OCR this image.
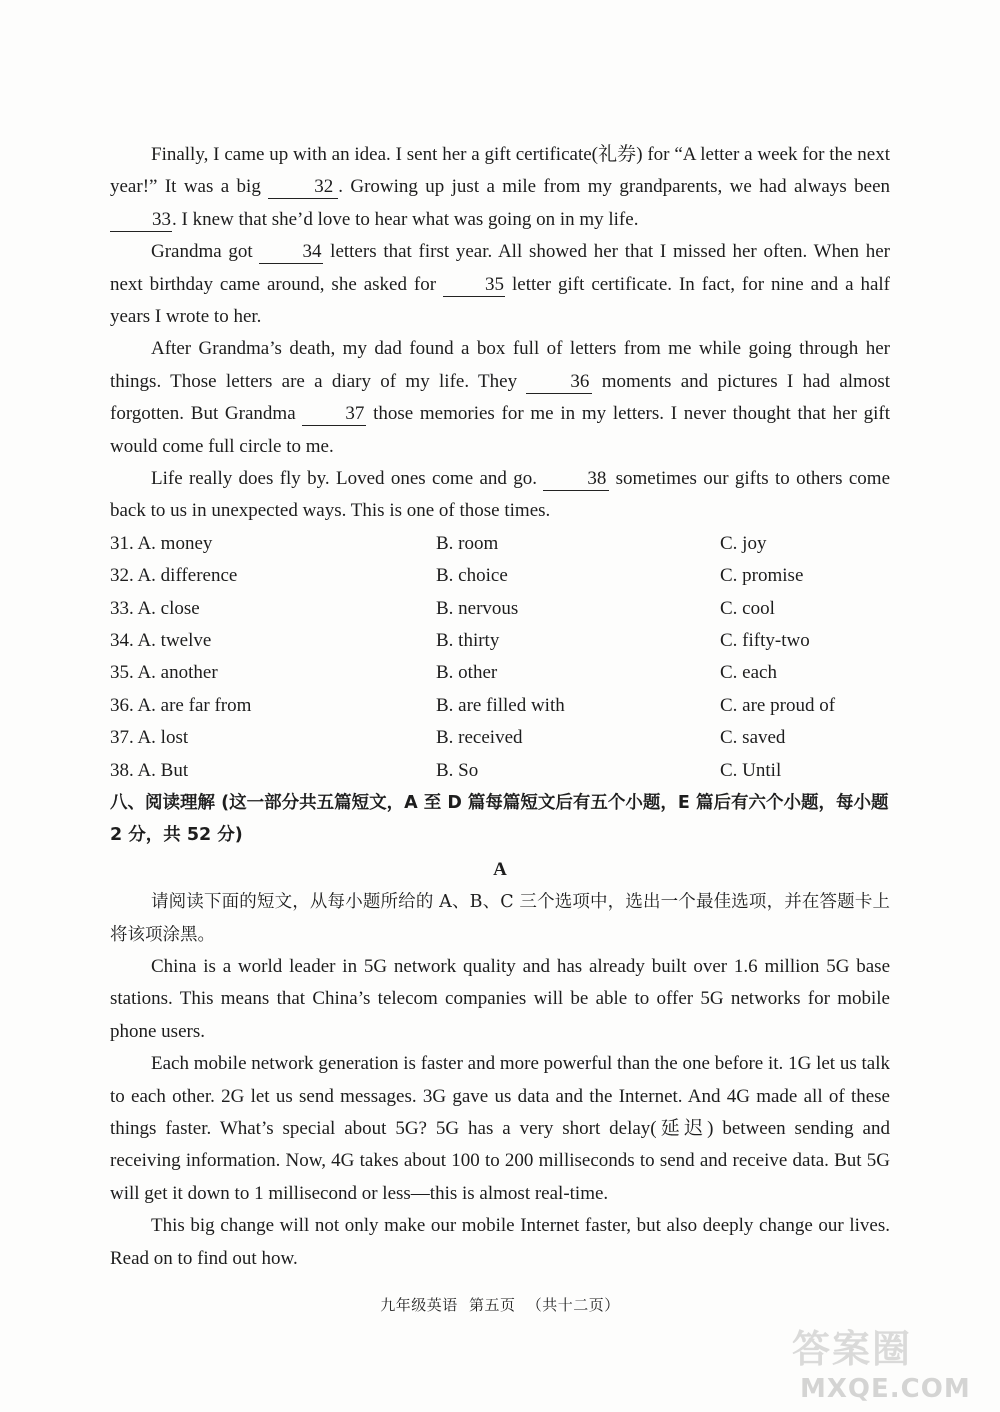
Finally, I came up with an idea. I sent her a gift certificate(礼券) for “A letter a week for the next year!” It was a big 32 . Growing up just a mile from my grandparents, we had always been 33. I knew that she’d love to hear what was going on in my life.

Grandma got 34 letters that first year. All showed her that I missed her often. When her next birthday came around, she asked for 35 letter gift certificate. In fact, for nine and a half years I wrote to her.

After Grandma’s death, my dad found a box full of letters from me while going through her things. Those letters are a diary of my life. They 36 moments and pictures I had almost forgotten. But Grandma 37 those memories for me in my letters. I never thought that her gift would come full circle to me.

Life really does fly by. Loved ones come and go. 38 sometimes our gifts to others come back to us in unexpected ways. This is one of those times.

31. A. money	B. room	C. joy
32. A. difference	B. choice	C. promise
33. A. close	B. nervous	C. cool
34. A. twelve	B. thirty	C. fifty-two
35. A. another	B. other	C. each
36. A. are far from	B. are filled with	C. are proud of
37. A. lost	B. received	C. saved
38. A. But	B. So	C. Until

八、阅读理解 (这一部分共五篇短文，A 至 D 篇每篇短文后有五个小题，E 篇后有六个小题，每小题 2 分，共 52 分)

A

请阅读下面的短文，从每小题所给的 A、B、C 三个选项中，选出一个最佳选项，并在答题卡上将该项涂黑。

China is a world leader in 5G network quality and has already built over 1.6 million 5G base stations. This means that China’s telecom companies will be able to offer 5G networks for mobile phone users.

Each mobile network generation is faster and more powerful than the one before it. 1G let us talk to each other. 2G let us send messages. 3G gave us data and the Internet. And 4G made all of these things faster. What’s special about 5G? 5G has a very short delay(延迟) between sending and receiving information. Now, 4G takes about 100 to 200 milliseconds to send and receive data. But 5G will get it down to 1 millisecond or less—this is almost real-time.

This big change will not only make our mobile Internet faster, but also deeply change our lives. Read on to find out how.

九年级英语 第五页 （共十二页）
答案圈
MXQE.COM
